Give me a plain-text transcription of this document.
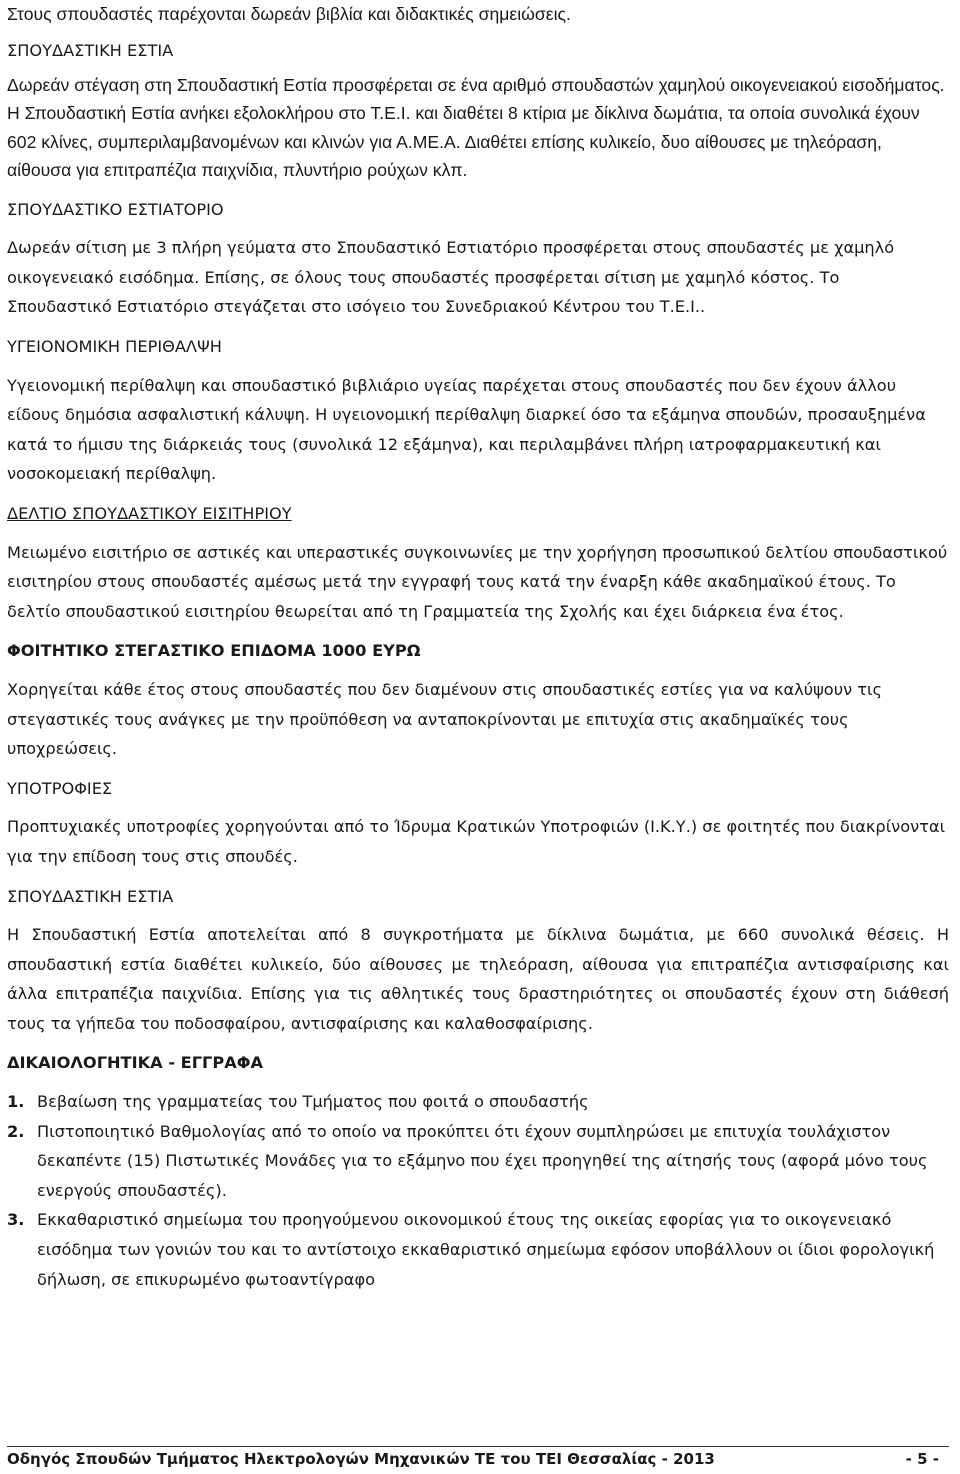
Στους σπουδαστές παρέχονται δωρεάν βιβλία και διδακτικές σημειώσεις.

ΣΠΟΥΔΑΣΤΙΚΗ ΕΣΤΙΑ

Δωρεάν στέγαση στη Σπουδαστική Εστία προσφέρεται σε ένα αριθμό σπουδαστών χαμηλού οικογενειακού εισοδήματος. Η Σπουδαστική Εστία ανήκει εξολοκλήρου στο Τ.Ε.Ι. και διαθέτει 8 κτίρια με δίκλινα δωμάτια, τα οποία συνολικά έχουν 602 κλίνες, συμπεριλαμβανομένων και κλινών για Α.ΜΕ.Α. Διαθέτει επίσης κυλικείο, δυο αίθουσες με τηλεόραση, αίθουσα για επιτραπέζια παιχνίδια, πλυντήριο ρούχων κλπ.

ΣΠΟΥΔΑΣΤΙΚΟ ΕΣΤΙΑΤΟΡΙΟ

Δωρεάν σίτιση με 3 πλήρη γεύματα στο Σπουδαστικό Εστιατόριο προσφέρεται στους σπουδαστές με χαμηλό οικογενειακό εισόδημα. Επίσης, σε όλους τους σπουδαστές προσφέρεται σίτιση με χαμηλό κόστος. Το Σπουδαστικό Εστιατόριο στεγάζεται στο ισόγειο του Συνεδριακού Κέντρου του Τ.Ε.Ι..

ΥΓΕΙΟΝΟΜΙΚΗ ΠΕΡΙΘΑΛΨΗ

Υγειονομική περίθαλψη και σπουδαστικό βιβλιάριο υγείας παρέχεται στους σπουδαστές που δεν έχουν άλλου είδους δημόσια ασφαλιστική κάλυψη. Η υγειονομική περίθαλψη διαρκεί όσο τα εξάμηνα σπουδών, προσαυξημένα κατά το ήμισυ της διάρκειάς τους (συνολικά 12 εξάμηνα), και περιλαμβάνει πλήρη ιατροφαρμακευτική και νοσοκομειακή περίθαλψη.

ΔΕΛΤΙΟ ΣΠΟΥΔΑΣΤΙΚΟΥ ΕΙΣΙΤΗΡΙΟΥ

Μειωμένο εισιτήριο σε αστικές και υπεραστικές συγκοινωνίες με την χορήγηση προσωπικού δελτίου σπουδαστικού εισιτηρίου στους σπουδαστές αμέσως μετά την εγγραφή τους κατά την έναρξη κάθε ακαδημαϊκού έτους. Το δελτίο σπουδαστικού εισιτηρίου θεωρείται από τη Γραμματεία της Σχολής και έχει διάρκεια ένα έτος.

ΦΟΙΤΗΤΙΚΟ ΣΤΕΓΑΣΤΙΚΟ ΕΠΙΔΟΜΑ 1000 ΕΥΡΩ

Χορηγείται κάθε έτος στους σπουδαστές που δεν διαμένουν στις σπουδαστικές εστίες για να καλύψουν τις στεγαστικές τους ανάγκες με την προϋπόθεση να ανταποκρίνονται με επιτυχία στις ακαδημαϊκές τους υποχρεώσεις.

ΥΠΟΤΡΟΦΙΕΣ

Προπτυχιακές υποτροφίες χορηγούνται από το Ίδρυμα Κρατικών Υποτροφιών (Ι.Κ.Υ.) σε φοιτητές που διακρίνονται για την επίδοση τους στις σπουδές.

ΣΠΟΥΔΑΣΤΙΚΗ ΕΣΤΙΑ

Η Σπουδαστική Εστία αποτελείται από 8 συγκροτήματα με δίκλινα δωμάτια, με 660 συνολικά θέσεις. Η σπουδαστική εστία διαθέτει κυλικείο, δύο αίθουσες με τηλεόραση, αίθουσα για επιτραπέζια αντισφαίρισης και άλλα επιτραπέζια παιχνίδια. Επίσης για τις αθλητικές τους δραστηριότητες οι σπουδαστές έχουν στη διάθεσή τους τα γήπεδα του ποδοσφαίρου, αντισφαίρισης και καλαθοσφαίρισης.

ΔΙΚΑΙΟΛΟΓΗΤΙΚΑ - ΕΓΓΡΑΦΑ

1. Βεβαίωση της γραμματείας του Τμήματος που φοιτά ο σπουδαστής
2. Πιστοποιητικό Βαθμολογίας από το οποίο να προκύπτει ότι έχουν συμπληρώσει με επιτυχία τουλάχιστον δεκαπέντε (15) Πιστωτικές Μονάδες για το εξάμηνο που έχει προηγηθεί της αίτησής τους (αφορά μόνο τους ενεργούς σπουδαστές).
3. Εκκαθαριστικό σημείωμα του προηγούμενου οικονομικού έτους της οικείας εφορίας για το οικογενειακό εισόδημα των γονιών του και το αντίστοιχο εκκαθαριστικό σημείωμα εφόσον υποβάλλουν οι ίδιοι φορολογική δήλωση, σε επικυρωμένο φωτοαντίγραφο
Οδηγός Σπουδών Τμήματος Ηλεκτρολογών Μηχανικών ΤΕ του ΤΕΙ Θεσσαλίας - 2013	- 5 -
